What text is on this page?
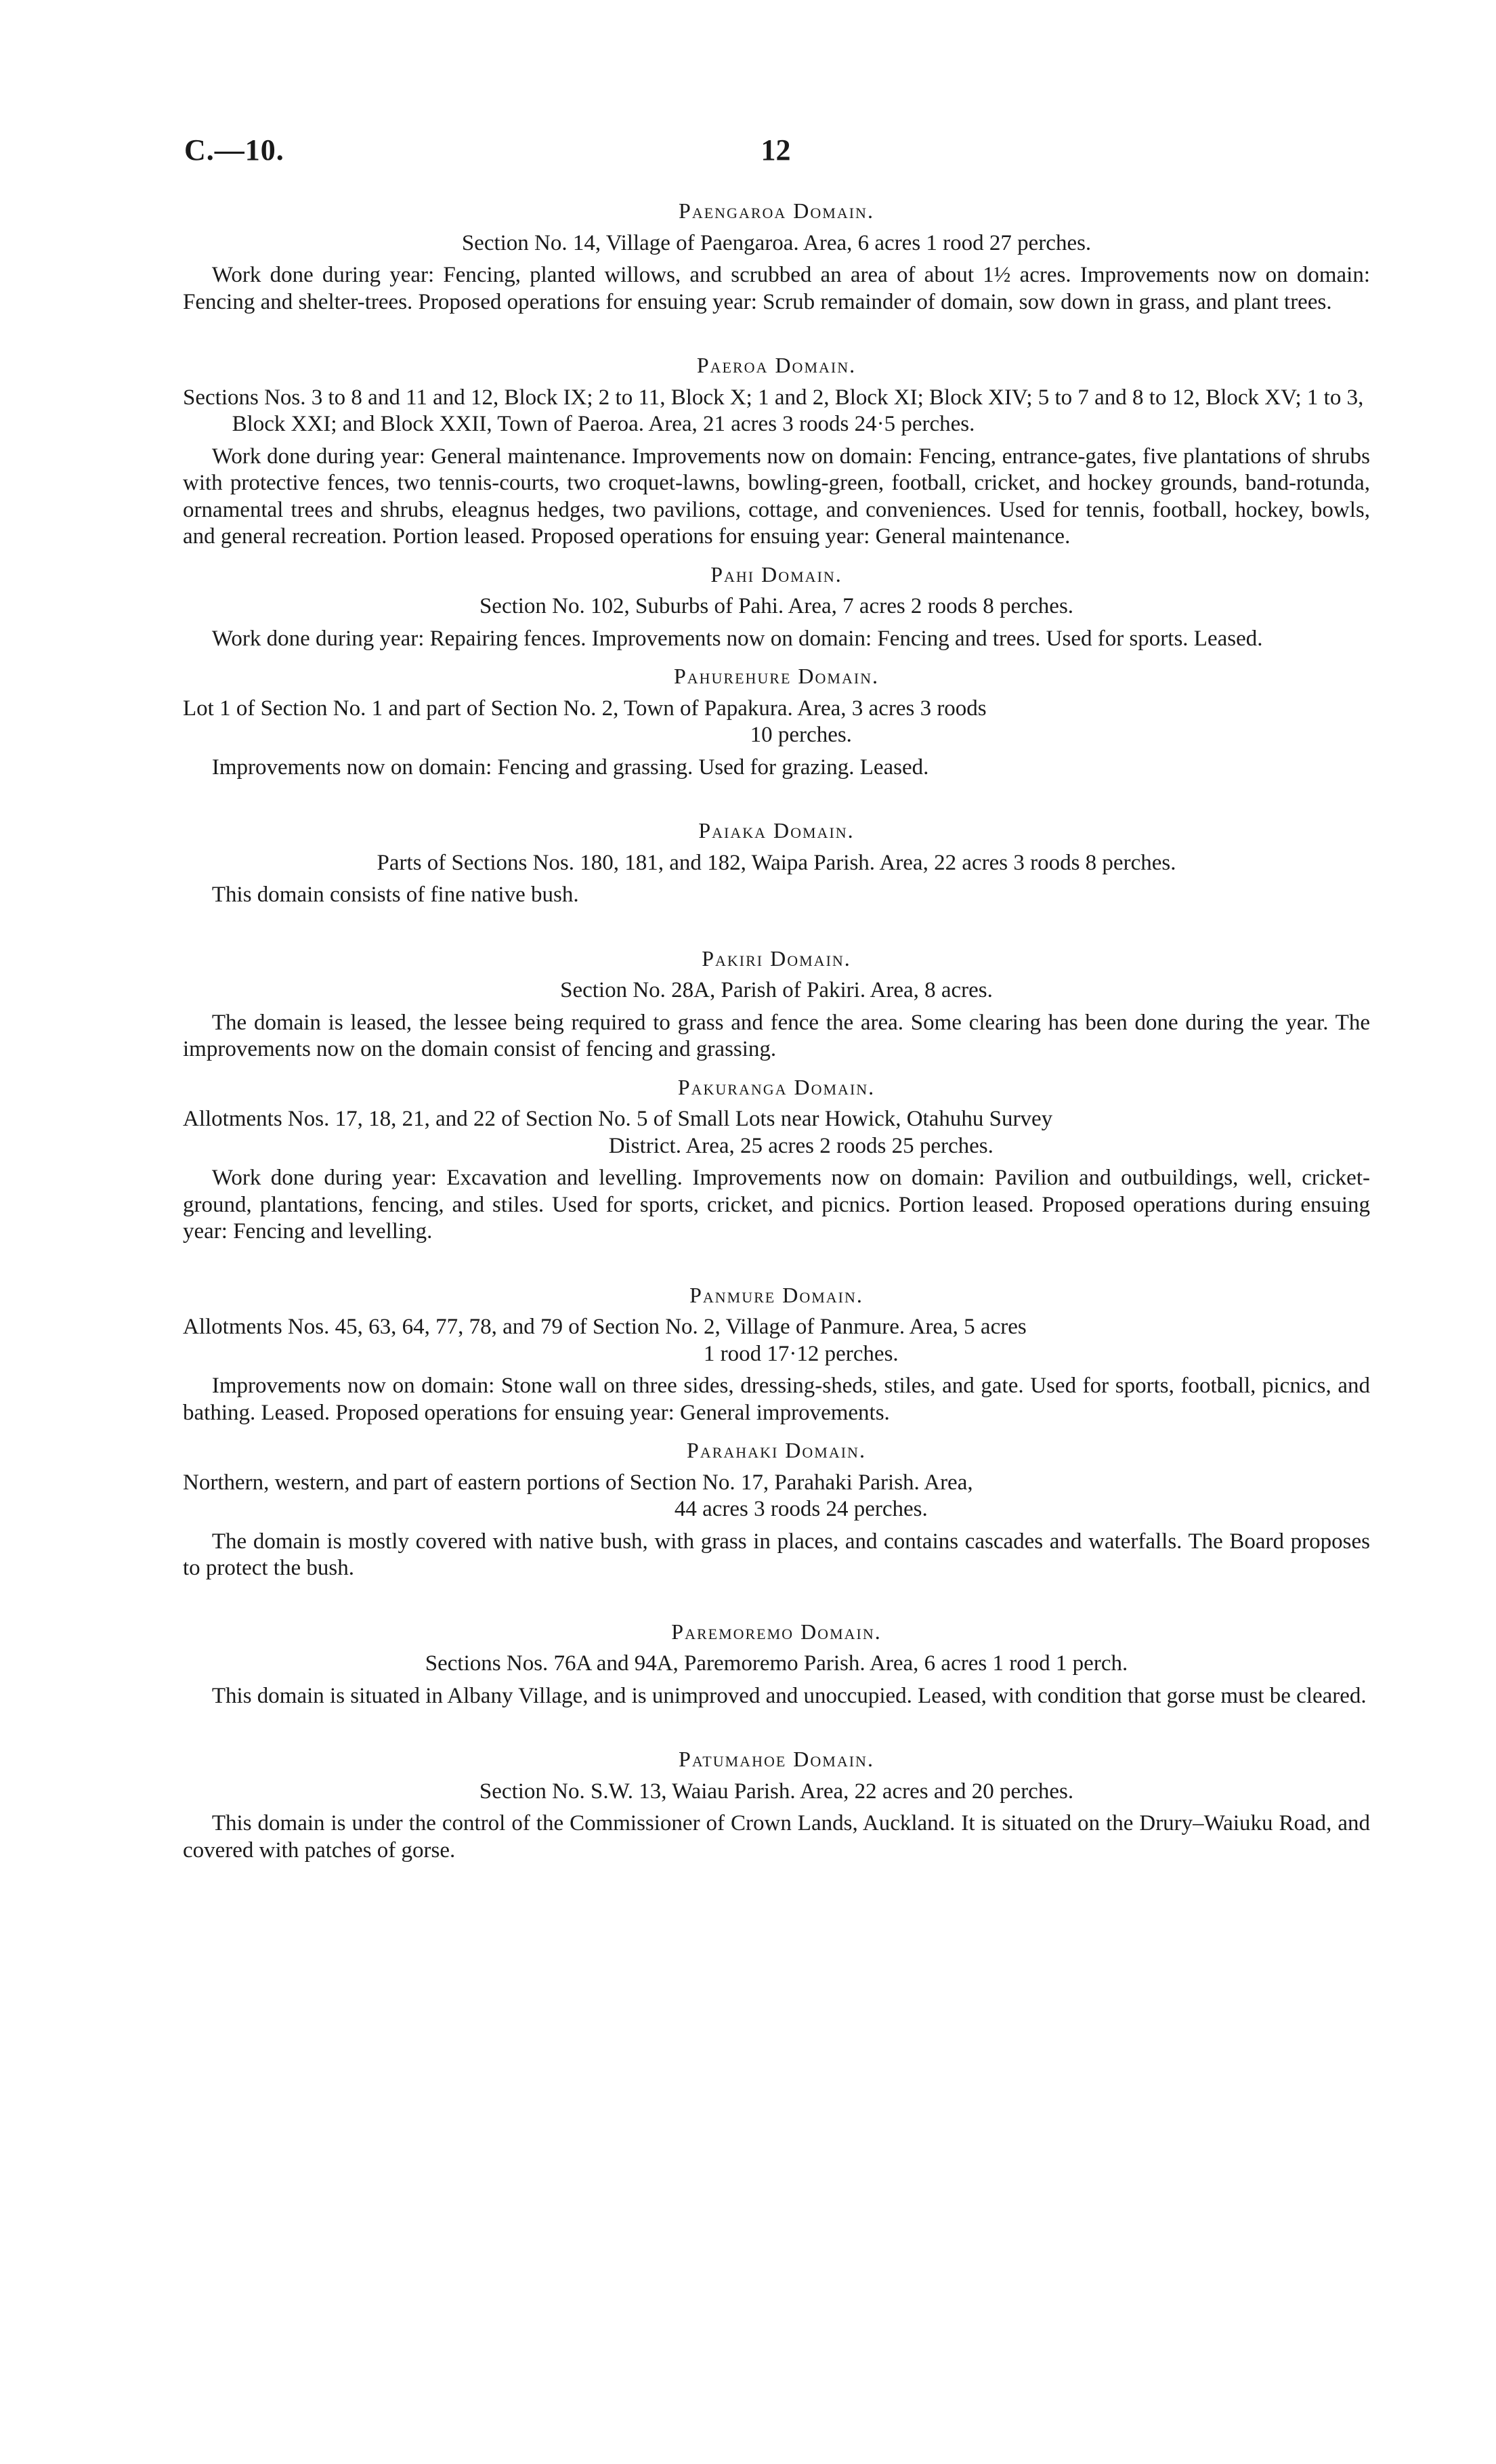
C.—10.	12
Paengaroa Domain.
Section No. 14, Village of Paengaroa. Area, 6 acres 1 rood 27 perches.

Work done during year: Fencing, planted willows, and scrubbed an area of about 1½ acres. Improvements now on domain: Fencing and shelter-trees. Proposed operations for ensuing year: Scrub remainder of domain, sow down in grass, and plant trees.

Paeroa Domain.
Sections Nos. 3 to 8 and 11 and 12, Block IX; 2 to 11, Block X; 1 and 2, Block XI; Block XIV; 5 to 7 and 8 to 12, Block XV; 1 to 3, Block XXI; and Block XXII, Town of Paeroa. Area, 21 acres 3 roods 24·5 perches.

Work done during year: General maintenance. Improvements now on domain: Fencing, entrance-gates, five plantations of shrubs with protective fences, two tennis-courts, two croquet-lawns, bowling-green, football, cricket, and hockey grounds, band-rotunda, ornamental trees and shrubs, eleagnus hedges, two pavilions, cottage, and conveniences. Used for tennis, football, hockey, bowls, and general recreation. Portion leased. Proposed operations for ensuing year: General maintenance.

Pahi Domain.
Section No. 102, Suburbs of Pahi. Area, 7 acres 2 roods 8 perches.

Work done during year: Repairing fences. Improvements now on domain: Fencing and trees. Used for sports. Leased.

Pahurehure Domain.
Lot 1 of Section No. 1 and part of Section No. 2, Town of Papakura. Area, 3 acres 3 roods
10 perches.

Improvements now on domain: Fencing and grassing. Used for grazing. Leased.

Paiaka Domain.
Parts of Sections Nos. 180, 181, and 182, Waipa Parish. Area, 22 acres 3 roods 8 perches.

This domain consists of fine native bush.

Pakiri Domain.
Section No. 28A, Parish of Pakiri. Area, 8 acres.

The domain is leased, the lessee being required to grass and fence the area. Some clearing has been done during the year. The improvements now on the domain consist of fencing and grassing.

Pakuranga Domain.
Allotments Nos. 17, 18, 21, and 22 of Section No. 5 of Small Lots near Howick, Otahuhu Survey
District. Area, 25 acres 2 roods 25 perches.

Work done during year: Excavation and levelling. Improvements now on domain: Pavilion and outbuildings, well, cricket-ground, plantations, fencing, and stiles. Used for sports, cricket, and picnics. Portion leased. Proposed operations during ensuing year: Fencing and levelling.

Panmure Domain.
Allotments Nos. 45, 63, 64, 77, 78, and 79 of Section No. 2, Village of Panmure. Area, 5 acres
1 rood 17·12 perches.

Improvements now on domain: Stone wall on three sides, dressing-sheds, stiles, and gate. Used for sports, football, picnics, and bathing. Leased. Proposed operations for ensuing year: General improvements.

Parahaki Domain.
Northern, western, and part of eastern portions of Section No. 17, Parahaki Parish. Area,
44 acres 3 roods 24 perches.

The domain is mostly covered with native bush, with grass in places, and contains cascades and waterfalls. The Board proposes to protect the bush.

Paremoremo Domain.
Sections Nos. 76A and 94A, Paremoremo Parish. Area, 6 acres 1 rood 1 perch.

This domain is situated in Albany Village, and is unimproved and unoccupied. Leased, with condition that gorse must be cleared.

Patumahoe Domain.
Section No. S.W. 13, Waiau Parish. Area, 22 acres and 20 perches.

This domain is under the control of the Commissioner of Crown Lands, Auckland. It is situated on the Drury–Waiuku Road, and covered with patches of gorse.
